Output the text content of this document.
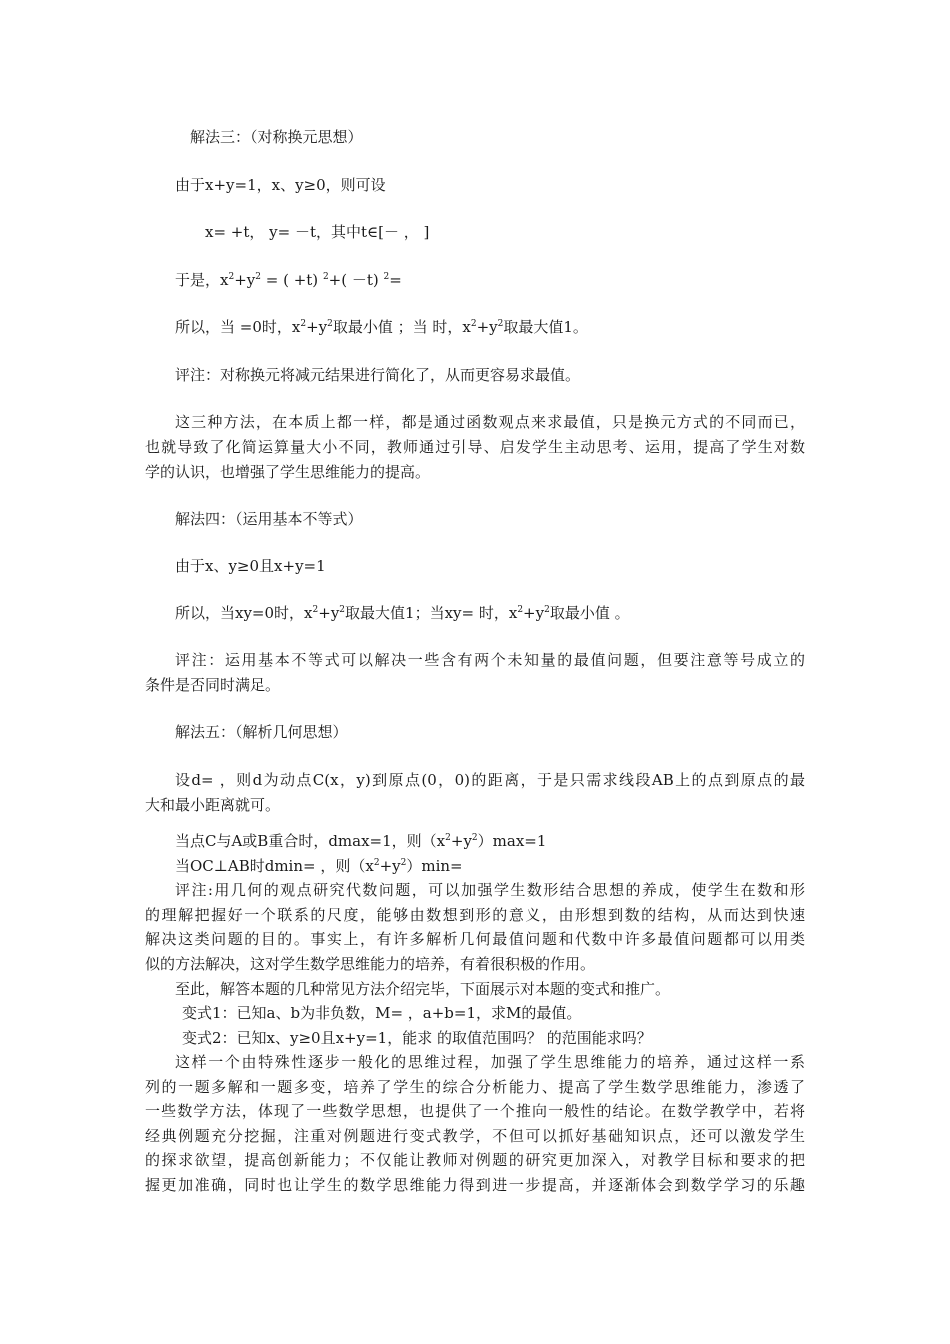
解法三：（对称换元思想）
由于x+y=1，x、y≥0，则可设
x= +t， y= －t，其中t∈[－ ， ]
于是，$x^2+y^2$ = ( +t) $^2$+( －t) $^2$=
所以，当 =0时，$x^2+y^2$取最小值 ；当 时，$x^2+y^2$取最大值1。
评注：对称换元将减元结果进行简化了，从而更容易求最值。
这三种方法，在本质上都一样，都是通过函数观点来求最值，只是换元方式的不同而已，
也就导致了化简运算量大小不同，教师通过引导、启发学生主动思考、运用，提高了学生对数
学的认识，也增强了学生思维能力的提高。
解法四：（运用基本不等式）
由于x、y≥0且x+y=1
所以，当xy=0时，$x^2+y^2$取最大值1；当xy= 时，$x^2+y^2$取最小值 。
评注：运用基本不等式可以解决一些含有两个未知量的最值问题，但要注意等号成立的
条件是否同时满足。
解法五：（解析几何思想）
设d= ，则d为动点C(x，y)到原点(0，0)的距离，于是只需求线段AB上的点到原点的最
大和最小距离就可。
当点C与A或B重合时，dmax=1，则$(x^2+y^2)\max=1$
当OC⊥AB时dmin= ，则$(x^2+y^2)\min=$
评注:用几何的观点研究代数问题，可以加强学生数形结合思想的养成，使学生在数和形
的理解把握好一个联系的尺度，能够由数想到形的意义，由形想到数的结构，从而达到快速
解决这类问题的目的。事实上，有许多解析几何最值问题和代数中许多最值问题都可以用类
似的方法解决，这对学生数学思维能力的培养，有着很积极的作用。
至此，解答本题的几种常见方法介绍完毕，下面展示对本题的变式和推广。
变式1：已知a、b为非负数，M= ，a+b=1，求M的最值。
变式2：已知x、y≥0且x+y=1，能求 的取值范围吗？ 的范围能求吗？
这样一个由特殊性逐步一般化的思维过程，加强了学生思维能力的培养，通过这样一系
列的一题多解和一题多变，培养了学生的综合分析能力、提高了学生数学思维能力，渗透了
一些数学方法，体现了一些数学思想，也提供了一个推向一般性的结论。在数学教学中，若将
经典例题充分挖掘，注重对例题进行变式教学，不但可以抓好基础知识点，还可以激发学生
的探求欲望，提高创新能力；不仅能让教师对例题的研究更加深入，对教学目标和要求的把
握更加准确，同时也让学生的数学思维能力得到进一步提高，并逐渐体会到数学学习的乐趣
